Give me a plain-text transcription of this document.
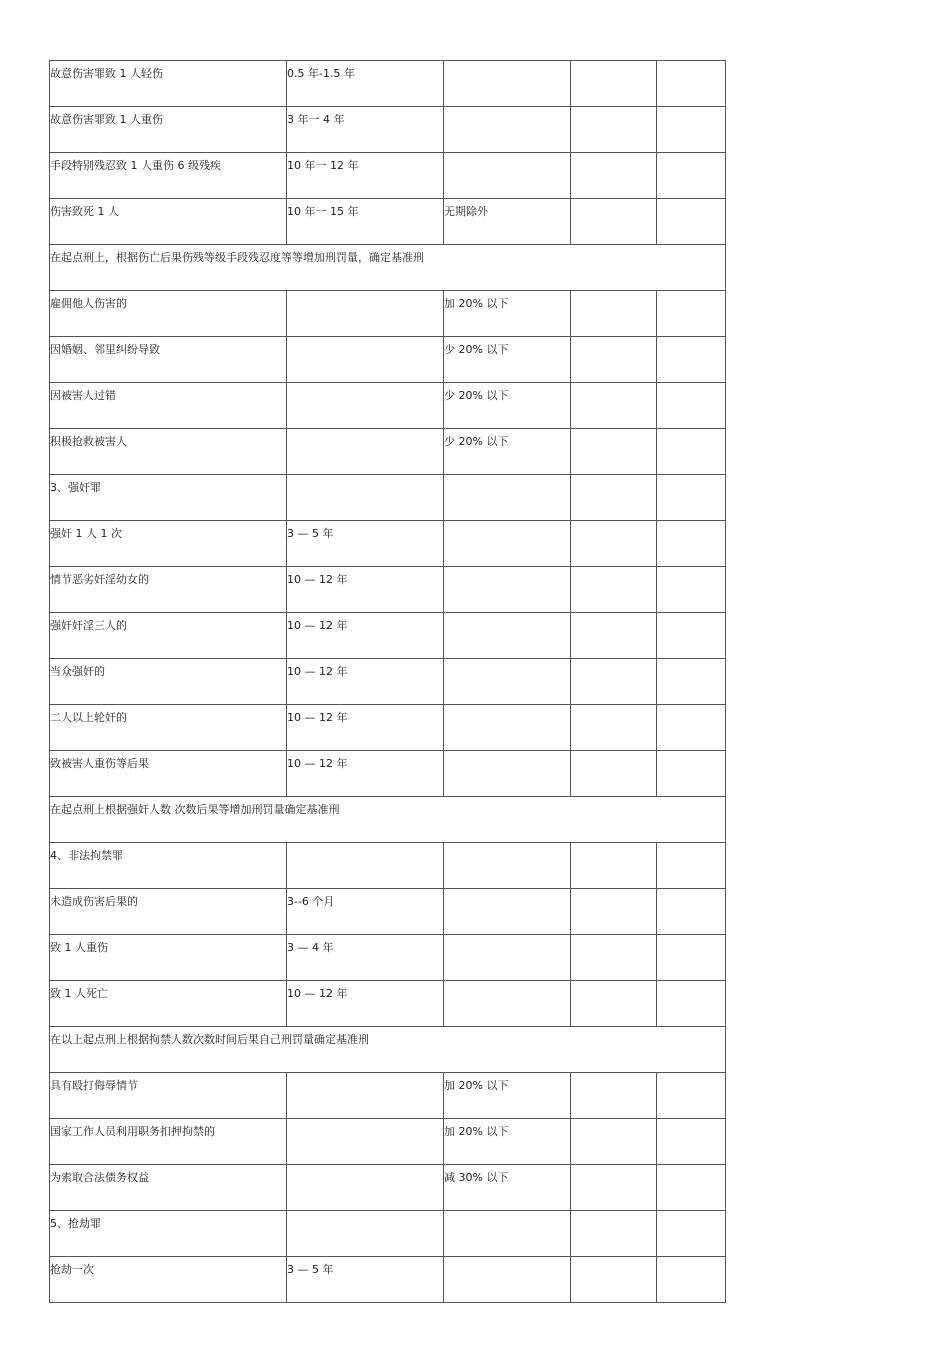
故意伤害罪致 1 人轻伤	0.5 年-1.5 年			

故意伤害罪致 1 人重伤	3 年一 4 年			

手段特别残忍致 1 人重伤 6 级残疾	10 年一 12 年			

伤害致死 1 人	10 年一 15 年	无期除外		

在起点刑上，根据伤亡后果伤残等级手段残忍度等等增加刑罚量，确定基准刑				

雇佣他人伤害的		加 20% 以下		

因婚姻、邻里纠纷导致		少 20% 以下		

因被害人过错		少 20% 以下		

积极抢救被害人		少 20% 以下		

3、强奸罪				

强奸 1 人 1 次	3 — 5 年			

情节恶劣奸淫幼女的	10 — 12 年			

强奸奸淫三人的	10 — 12 年			

当众强奸的	10 — 12 年			

二人以上轮奸的	10 — 12 年			

致被害人重伤等后果	10 — 12 年			

在起点刑上根据强奸人数 次数后果等增加刑罚量确定基准刑				

4、非法拘禁罪				

未造成伤害后果的	3--6 个月			

致 1 人重伤	3 — 4 年			

致 1 人死亡	10 — 12 年			

在以上起点刑上根据拘禁人数次数时间后果自己刑罚量确定基准刑				

具有殴打侮辱情节		加 20% 以下		

国家工作人员利用职务扣押拘禁的		加 20% 以下		

为索取合法债务权益		减 30% 以下		

5、抢劫罪				

抢劫一次	3 — 5 年			
